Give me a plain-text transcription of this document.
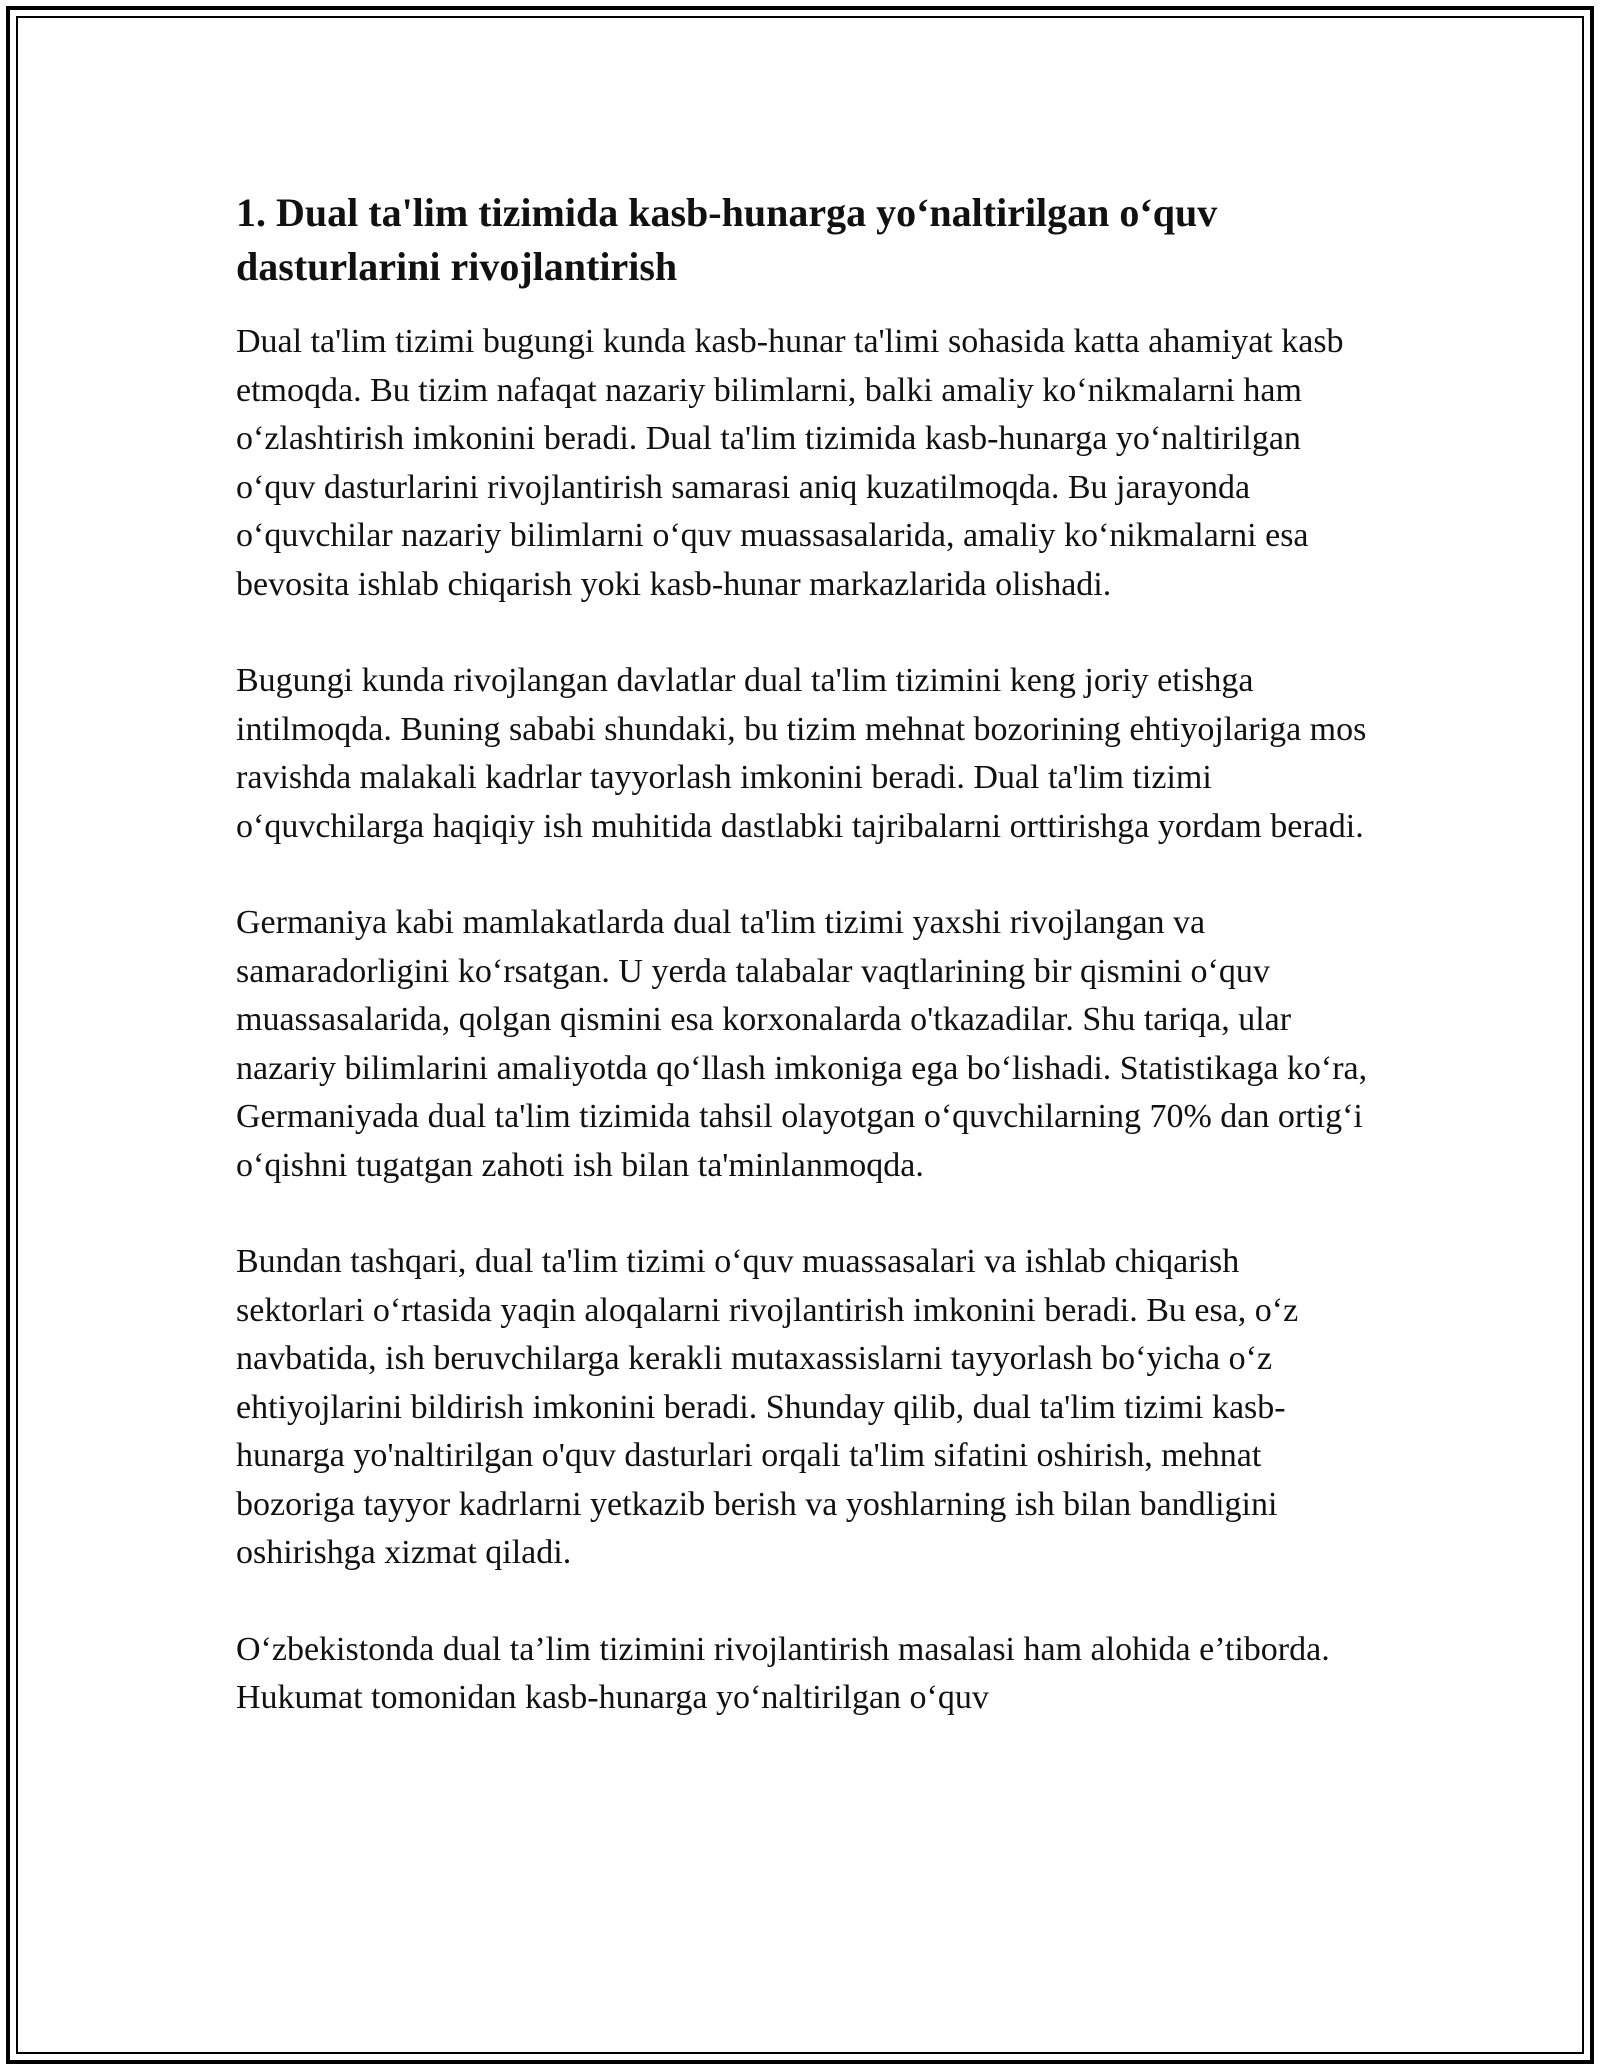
1. Dual ta'lim tizimida kasb-hunarga yo‘naltirilgan o‘quv dasturlarini rivojlantirish

Dual ta'lim tizimi bugungi kunda kasb-hunar ta'limi sohasida katta ahamiyat kasb etmoqda. Bu tizim nafaqat nazariy bilimlarni, balki amaliy ko‘nikmalarni ham o‘zlashtirish imkonini beradi. Dual ta'lim tizimida kasb-hunarga yo‘naltirilgan o‘quv dasturlarini rivojlantirish samarasi aniq kuzatilmoqda. Bu jarayonda o‘quvchilar nazariy bilimlarni o‘quv muassasalarida, amaliy ko‘nikmalarni esa bevosita ishlab chiqarish yoki kasb-hunar markazlarida olishadi.

Bugungi kunda rivojlangan davlatlar dual ta'lim tizimini keng joriy etishga intilmoqda. Buning sababi shundaki, bu tizim mehnat bozorining ehtiyojlariga mos ravishda malakali kadrlar tayyorlash imkonini beradi. Dual ta'lim tizimi o‘quvchilarga haqiqiy ish muhitida dastlabki tajribalarni orttirishga yordam beradi.

Germaniya kabi mamlakatlarda dual ta'lim tizimi yaxshi rivojlangan va samaradorligini ko‘rsatgan. U yerda talabalar vaqtlarining bir qismini o‘quv muassasalarida, qolgan qismini esa korxonalarda o'tkazadilar. Shu tariqa, ular nazariy bilimlarini amaliyotda qo‘llash imkoniga ega bo‘lishadi. Statistikaga ko‘ra, Germaniyada dual ta'lim tizimida tahsil olayotgan o‘quvchilarning 70% dan ortig‘i o‘qishni tugatgan zahoti ish bilan ta'minlanmoqda.

Bundan tashqari, dual ta'lim tizimi o‘quv muassasalari va ishlab chiqarish sektorlari o‘rtasida yaqin aloqalarni rivojlantirish imkonini beradi. Bu esa, o‘z navbatida, ish beruvchilarga kerakli mutaxassislarni tayyorlash bo‘yicha o‘z ehtiyojlarini bildirish imkonini beradi. Shunday qilib, dual ta'lim tizimi kasb-hunarga yo'naltirilgan o'quv dasturlari orqali ta'lim sifatini oshirish, mehnat bozoriga tayyor kadrlarni yetkazib berish va yoshlarning ish bilan bandligini oshirishga xizmat qiladi.

O‘zbekistonda dual ta’lim tizimini rivojlantirish masalasi ham alohida e’tiborda. Hukumat tomonidan kasb-hunarga yo‘naltirilgan o‘quv
